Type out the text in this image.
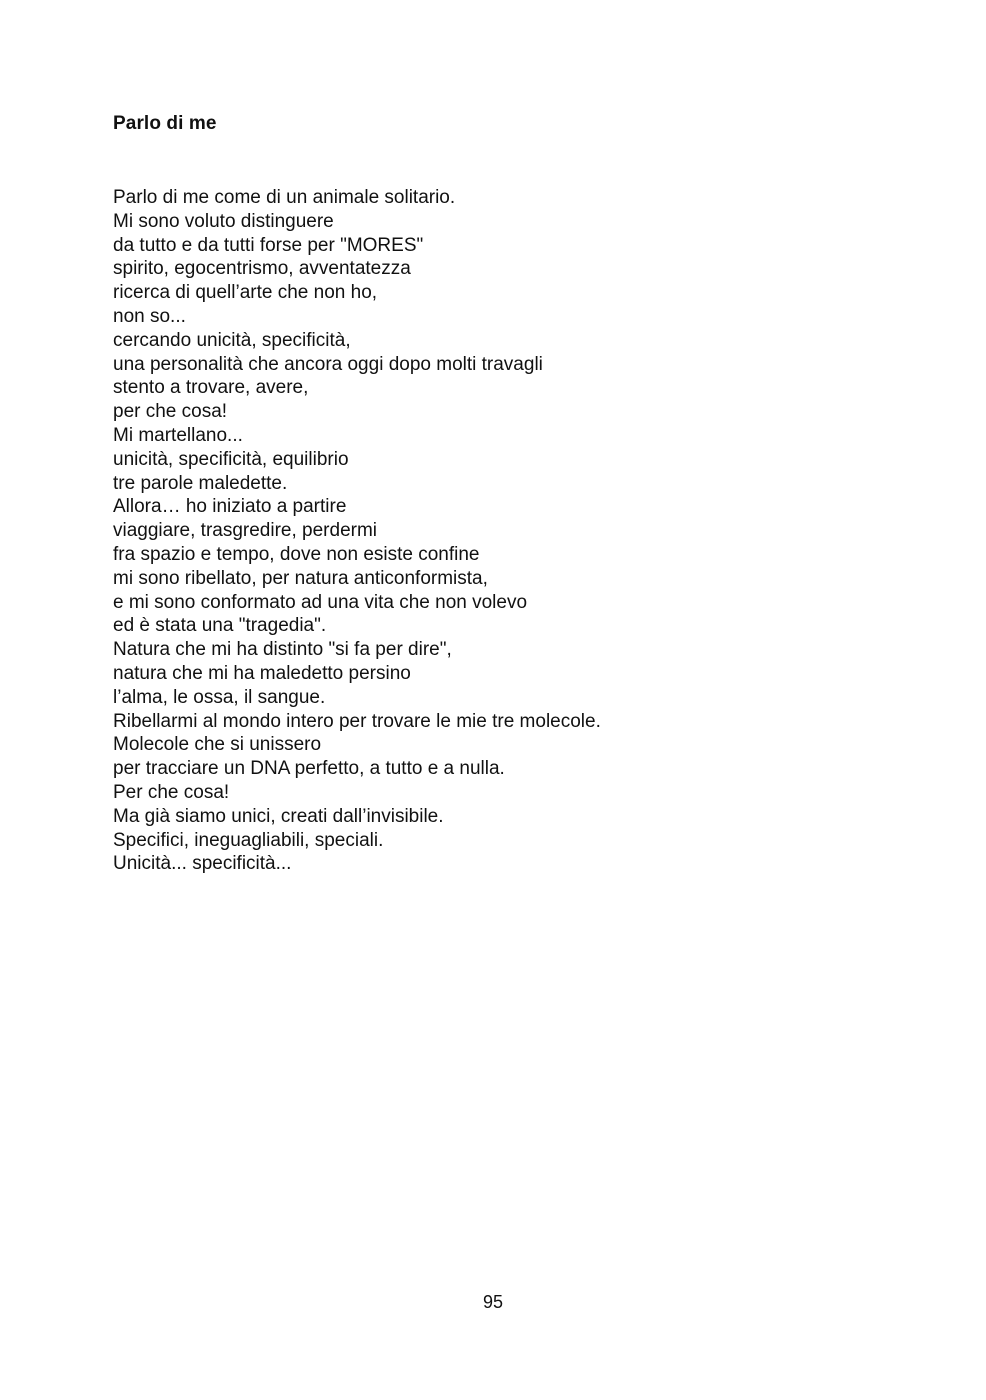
Parlo di me
Parlo di me come di un animale solitario.
Mi sono voluto distinguere
da tutto e da tutti forse per "MORES"
spirito, egocentrismo, avventatezza
ricerca di quell’arte che non ho,
non so...
cercando unicità, specificità,
una personalità che ancora oggi dopo molti travagli
stento a trovare, avere,
per che cosa!
Mi martellano...
unicità, specificità, equilibrio
tre parole maledette.
Allora… ho iniziato a partire
viaggiare, trasgredire, perdermi
fra spazio e tempo, dove non esiste confine
mi sono ribellato, per natura anticonformista,
e mi sono conformato ad una vita che non volevo
ed è stata una "tragedia".
Natura che mi ha distinto "si fa per dire",
natura che mi ha maledetto persino
l’alma, le ossa, il sangue.
Ribellarmi al mondo intero per trovare le mie tre molecole.
Molecole che si unissero
per tracciare un DNA perfetto, a tutto e a nulla.
Per che cosa!
Ma già siamo unici, creati dall’invisibile.
Specifici, ineguagliabili, speciali.
Unicità... specificità...
95
